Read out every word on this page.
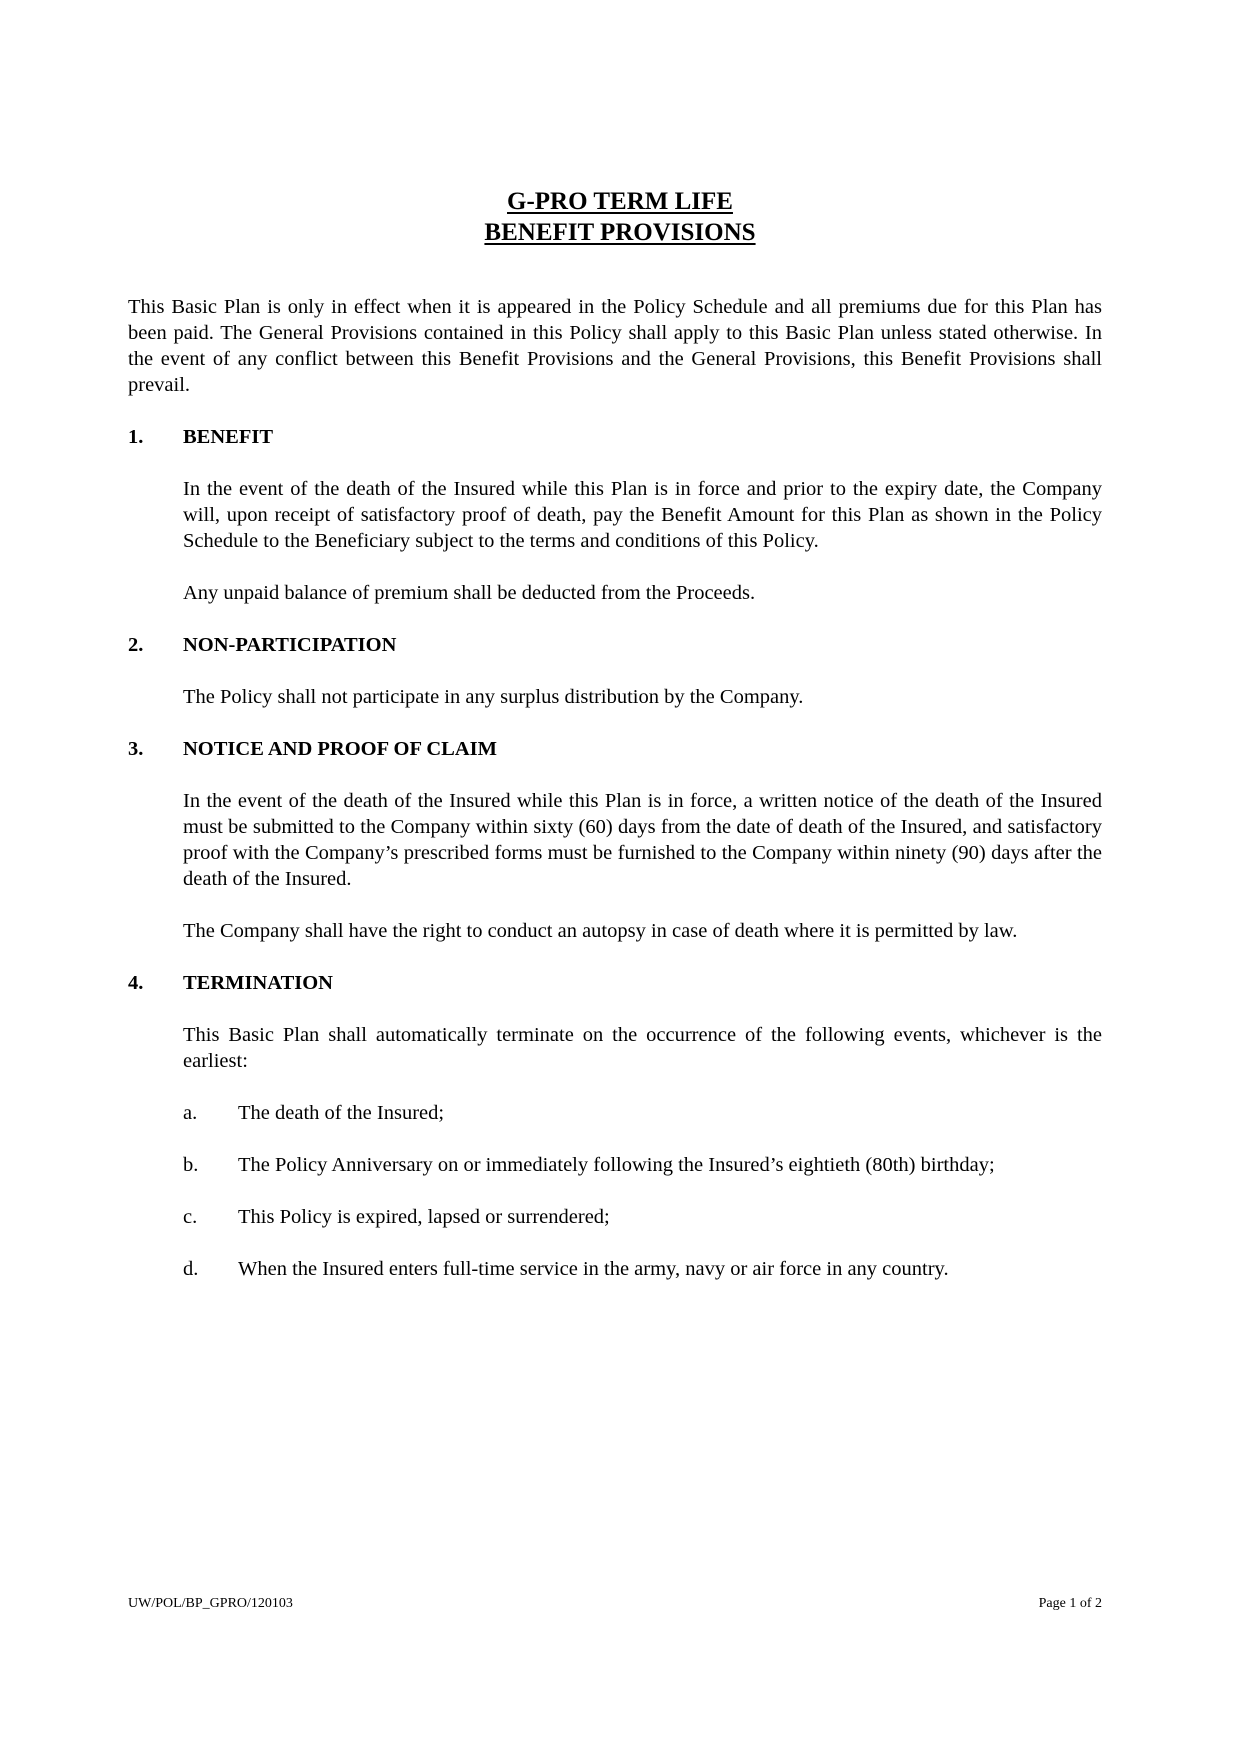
G-PRO TERM LIFE
BENEFIT PROVISIONS

This Basic Plan is only in effect when it is appeared in the Policy Schedule and all premiums due for this Plan has been paid. The General Provisions contained in this Policy shall apply to this Basic Plan unless stated otherwise. In the event of any conflict between this Benefit Provisions and the General Provisions, this Benefit Provisions shall prevail.

1.	BENEFIT

In the event of the death of the Insured while this Plan is in force and prior to the expiry date, the Company will, upon receipt of satisfactory proof of death, pay the Benefit Amount for this Plan as shown in the Policy Schedule to the Beneficiary subject to the terms and conditions of this Policy.

Any unpaid balance of premium shall be deducted from the Proceeds.

2.	NON-PARTICIPATION

The Policy shall not participate in any surplus distribution by the Company.

3.	NOTICE AND PROOF OF CLAIM

In the event of the death of the Insured while this Plan is in force, a written notice of the death of the Insured must be submitted to the Company within sixty (60) days from the date of death of the Insured, and satisfactory proof with the Company’s prescribed forms must be furnished to the Company within ninety (90) days after the death of the Insured.

The Company shall have the right to conduct an autopsy in case of death where it is permitted by law.

4.	TERMINATION

This Basic Plan shall automatically terminate on the occurrence of the following events, whichever is the earliest:

a.	The death of the Insured;
b.	The Policy Anniversary on or immediately following the Insured’s eightieth (80th) birthday;
c.	This Policy is expired, lapsed or surrendered;
d.	When the Insured enters full-time service in the army, navy or air force in any country.
UW/POL/BP_GPRO/120103	Page 1 of 2
